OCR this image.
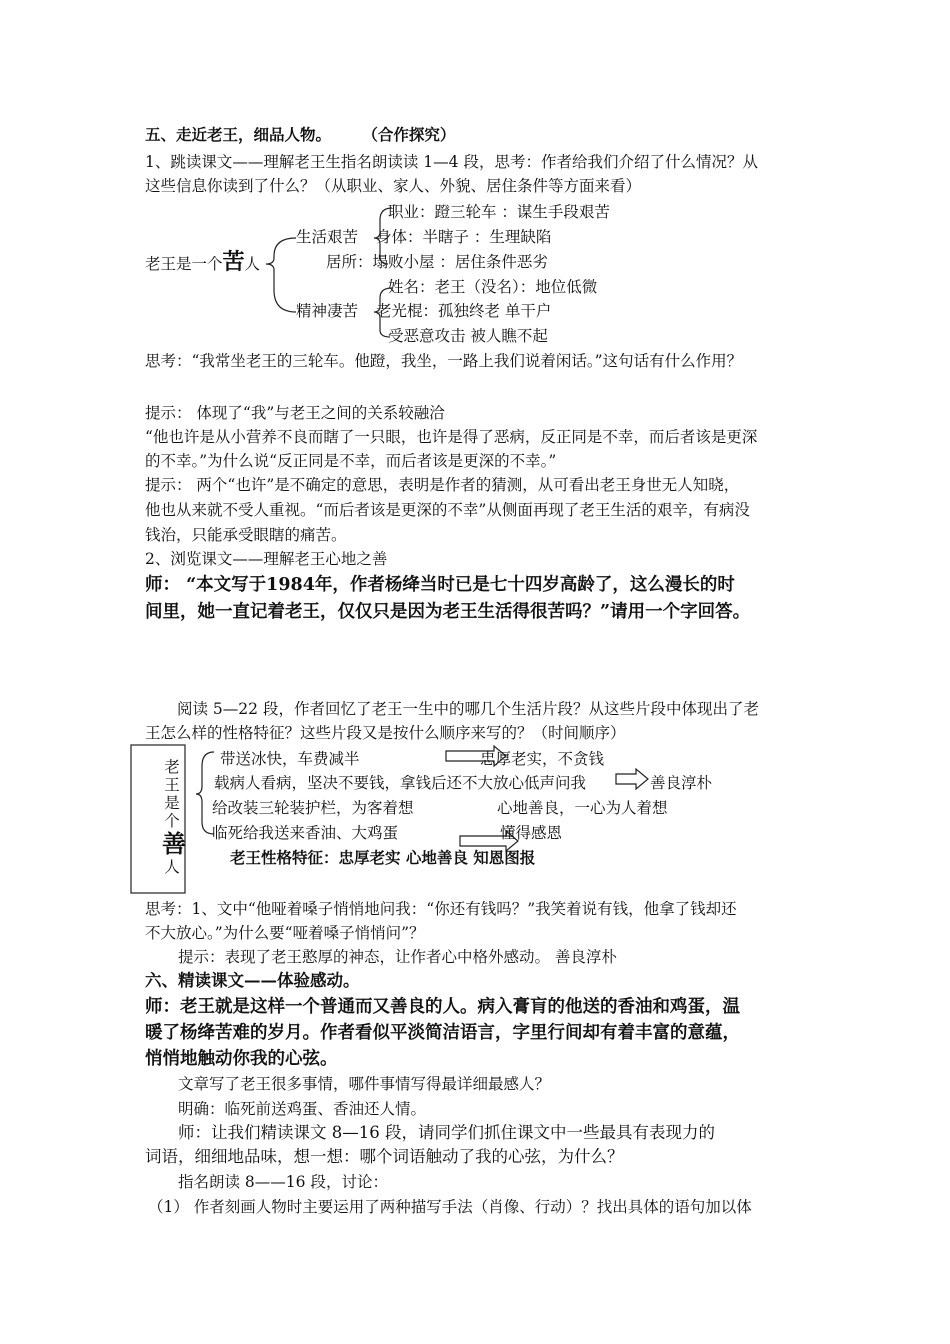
五、走近老王，细品人物。 （合作探究）
1、跳读课文——理解老王生指名朗读读 1—4 段，思考：作者给我们介绍了什么情况？从
这些信息你读到了什么？（从职业、家人、外貌、居住条件等方面来看）
老王是一个苦人
生活艰苦
精神凄苦
职业：蹬三轮车 ：谋生手段艰苦
身体：半瞎子 ：生理缺陷
居所：塌败小屋 ：居住条件恶劣
姓名：老王（没名）：地位低微
老光棍：孤独终老 单干户
受恶意攻击 被人瞧不起
思考：“我常坐老王的三轮车。他蹬，我坐，一路上我们说着闲话。”这句话有什么作用？
提示： 体现了“我”与老王之间的关系较融洽
“他也许是从小营养不良而瞎了一只眼，也许是得了恶病，反正同是不幸，而后者该是更深
的不幸。”为什么说“反正同是不幸，而后者该是更深的不幸。”
提示： 两个“也许”是不确定的意思，表明是作者的猜测，从可看出老王身世无人知晓，
他也从来就不受人重视。“而后者该是更深的不幸”从侧面再现了老王生活的艰辛，有病没
钱治，只能承受眼瞎的痛苦。
2、浏览课文——理解老王心地之善
师： “本文写于1984年，作者杨绛当时已是七十四岁高龄了，这么漫长的时
间里，她一直记着老王，仅仅只是因为老王生活得很苦吗？”请用一个字回答。
阅读 5—22 段，作者回忆了老王一生中的哪几个生活片段？从这些片段中体现出了老
王怎么样的性格特征？这些片段又是按什么顺序来写的？（时间顺序）
老
王
是
个
善
人
带送冰快，车费减半	忠厚老实，不贪钱
载病人看病，坚决不要钱，拿钱后还不大放心低声问我	善良淳朴
给改装三轮装护栏，为客着想	心地善良，一心为人着想
临死给我送来香油、大鸡蛋	懂得感恩
老王性格特征：忠厚老实 心地善良 知恩图报
思考：1、文中“他哑着嗓子悄悄地问我：“你还有钱吗？”我笑着说有钱，他拿了钱却还
不大放心。”为什么要“哑着嗓子悄悄问”？
提示：表现了老王憨厚的神态，让作者心中格外感动。 善良淳朴
六、精读课文——体验感动。
师：老王就是这样一个普通而又善良的人。病入膏肓的他送的香油和鸡蛋，温
暖了杨绛苦难的岁月。作者看似平淡简洁语言，字里行间却有着丰富的意蕴，
悄悄地触动你我的心弦。
文章写了老王很多事情，哪件事情写得最详细最感人？
明确：临死前送鸡蛋、香油还人情。
师：让我们精读课文 8—16 段，请同学们抓住课文中一些最具有表现力的
词语，细细地品味，想一想：哪个词语触动了我的心弦，为什么？
指名朗读 8——16 段，讨论：
（1） 作者刻画人物时主要运用了两种描写手法（肖像、行动）？找出具体的语句加以体
